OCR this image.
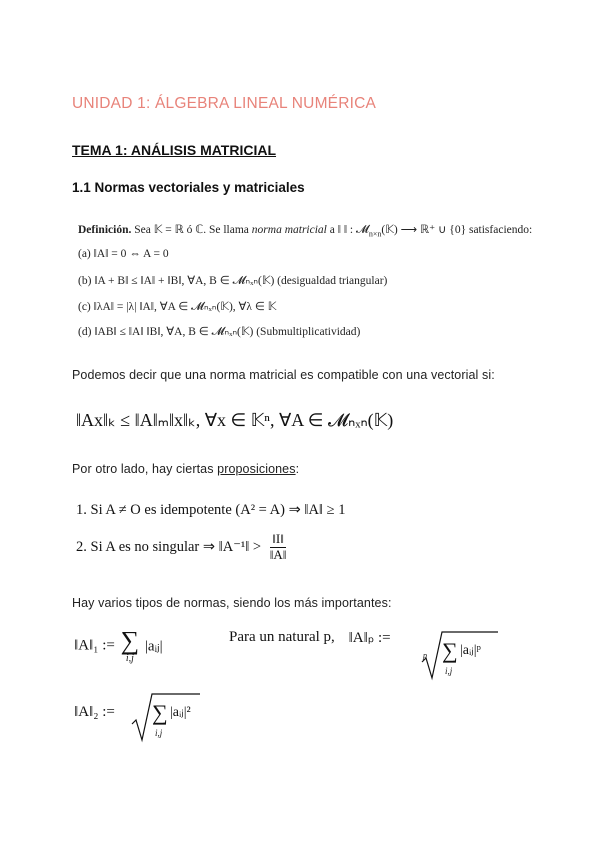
UNIDAD 1: ÁLGEBRA LINEAL NUMÉRICA
TEMA 1: ANÁLISIS MATRICIAL
1.1 Normas vectoriales y matriciales
Definición. Sea 𝕂 = ℝ ó ℂ. Se llama norma matricial a ‖ ‖ : 𝓜$_{n\times n}$(𝕂) ⟶ ℝ⁺ ∪ {0} satisfaciendo:
(a) ‖A‖ = 0 ⇔ A = 0
(b) ‖A + B‖ ≤ ‖A‖ + ‖B‖, ∀A, B ∈ 𝓜ₙₓₙ(𝕂) (desigualdad triangular)
(c) ‖λA‖ = |λ| ‖A‖, ∀A ∈ 𝓜ₙₓₙ(𝕂), ∀λ ∈ 𝕂
(d) ‖AB‖ ≤ ‖A‖ ‖B‖, ∀A, B ∈ 𝓜ₙₓₙ(𝕂) (Submultiplicatividad)
Podemos decir que una norma matricial es compatible con una vectorial si:
‖Ax‖ₖ ≤ ‖A‖ₘ‖x‖ₖ, ∀x ∈ 𝕂ⁿ, ∀A ∈ 𝓜ₙₓₙ(𝕂)
Por otro lado, hay ciertas proposiciones:
1. Si A ≠ O es idempotente (A² = A) ⇒ ‖A‖ ≥ 1
2. Si A es no singular ⇒ ‖A⁻¹‖ > $\frac{‖I‖}{‖A‖}$
Hay varios tipos de normas, siendo los más importantes:
‖A‖₁ := ∑
i,j
|aᵢⱼ|
Para un natural p, ‖A‖ₚ :=
p ∑
i,j
|aᵢⱼ|ᵖ
‖A‖₂ := ∑
i,j
|aᵢⱼ|²
